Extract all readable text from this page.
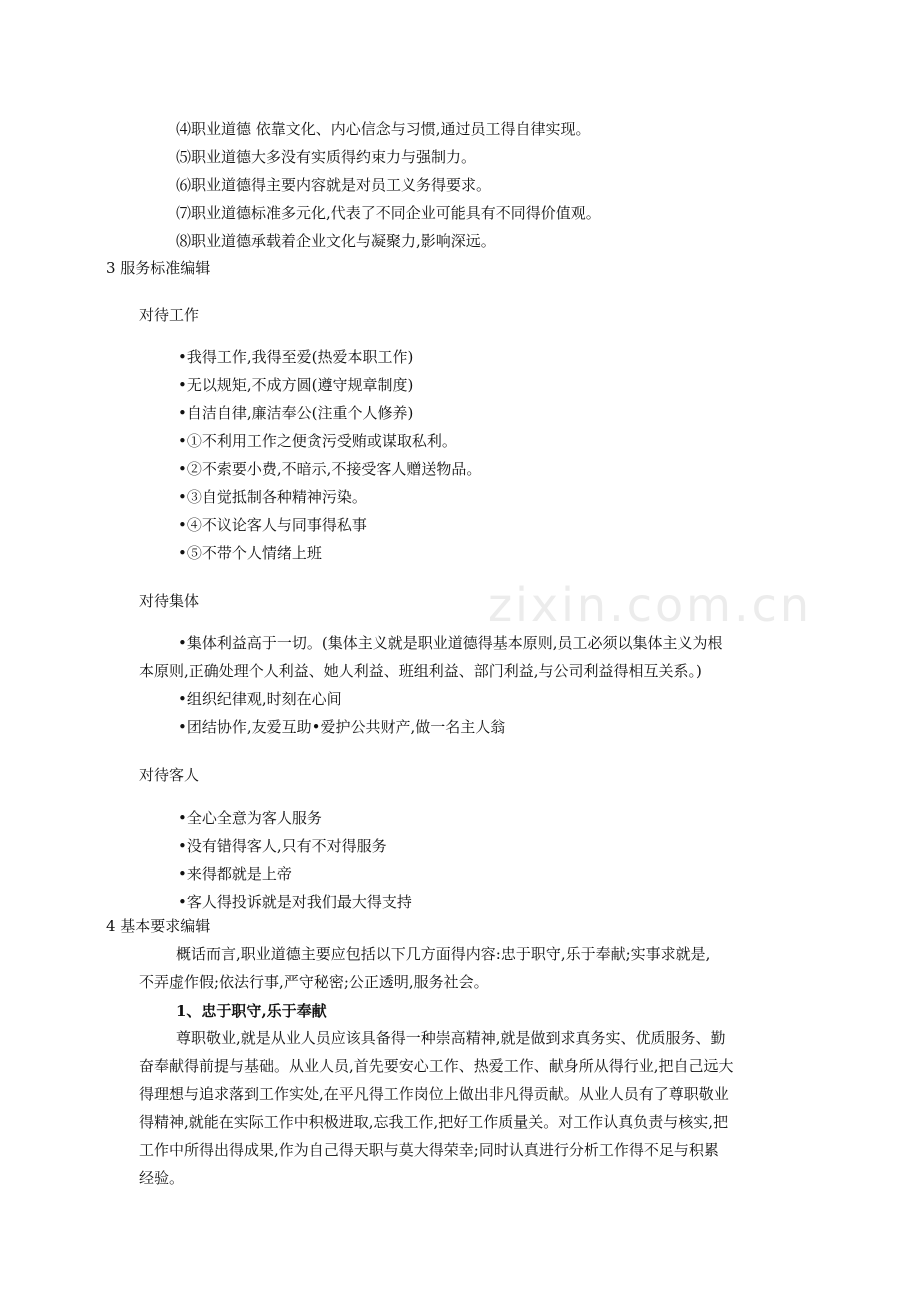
zixin.com.cn
⑷职业道德 依靠文化、内心信念与习惯,通过员工得自律实现。
⑸职业道德大多没有实质得约束力与强制力。
⑹职业道德得主要内容就是对员工义务得要求。
⑺职业道德标准多元化,代表了不同企业可能具有不同得价值观。
⑻职业道德承载着企业文化与凝聚力,影响深远。
3 服务标准编辑
对待工作
•我得工作,我得至爱(热爱本职工作)
•无以规矩,不成方圆(遵守规章制度)
•自洁自律,廉洁奉公(注重个人修养)
•①不利用工作之便贪污受贿或谋取私利。
•②不索要小费,不暗示,不接受客人赠送物品。
•③自觉抵制各种精神污染。
•④不议论客人与同事得私事
•⑤不带个人情绪上班
对待集体
•集体利益高于一切。(集体主义就是职业道德得基本原则,员工必须以集体主义为根
本原则,正确处理个人利益、她人利益、班组利益、部门利益,与公司利益得相互关系。)
•组织纪律观,时刻在心间
•团结协作,友爱互助•爱护公共财产,做一名主人翁
对待客人
•全心全意为客人服务
•没有错得客人,只有不对得服务
•来得都就是上帝
•客人得投诉就是对我们最大得支持
4 基本要求编辑
概话而言,职业道德主要应包括以下几方面得内容:忠于职守,乐于奉献;实事求就是,
不弄虚作假;依法行事,严守秘密;公正透明,服务社会。
1、忠于职守,乐于奉献
尊职敬业,就是从业人员应该具备得一种崇高精神,就是做到求真务实、优质服务、勤
奋奉献得前提与基础。从业人员,首先要安心工作、热爱工作、献身所从得行业,把自己远大
得理想与追求落到工作实处,在平凡得工作岗位上做出非凡得贡献。从业人员有了尊职敬业
得精神,就能在实际工作中积极进取,忘我工作,把好工作质量关。对工作认真负责与核实,把
工作中所得出得成果,作为自己得天职与莫大得荣幸;同时认真进行分析工作得不足与积累
经验。
